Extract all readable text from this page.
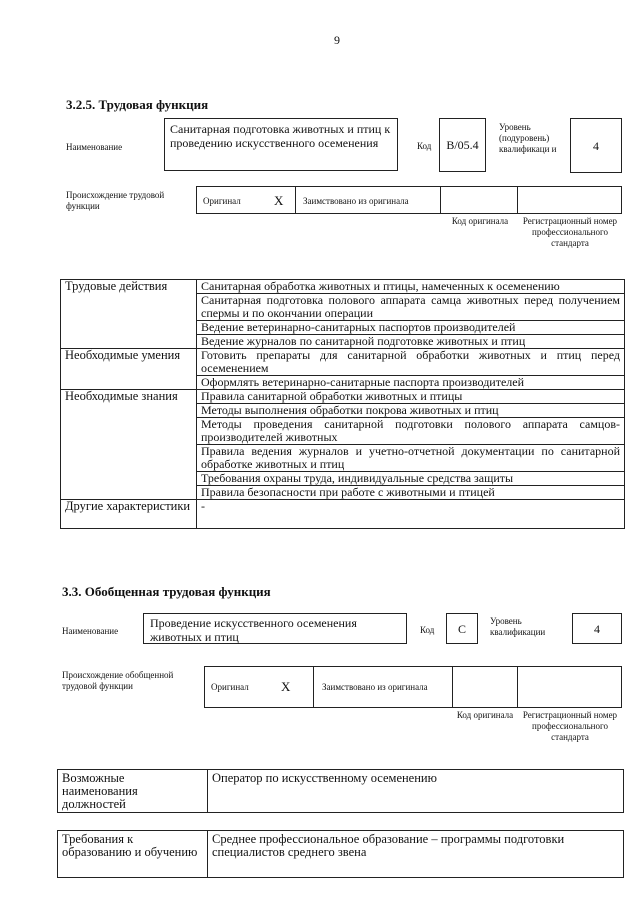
9
3.2.5. Трудовая функция
Наименование
Санитарная подготовка животных и птиц к проведению искусственного осеменения	Код	B/05.4
Уровень (подуровень) квалификаци и	4
Происхождение трудовой функции	Оригинал	X Заимствовано из оригинала
Код оригинала	Регистрационный номер профессионального стандарта
Трудовые действия	Санитарная обработка животных и птицы, намеченных к осеменению
	Санитарная подготовка полового аппарата самца животных перед получением спермы и по окончании операции
	Ведение ветеринарно-санитарных паспортов производителей
	Ведение журналов по санитарной подготовке животных и птиц
Необходимые умения	Готовить препараты для санитарной обработки животных и птиц перед осеменением
	Оформлять ветеринарно-санитарные паспорта производителей
Необходимые знания	Правила санитарной обработки животных и птицы
	Методы выполнения обработки покрова животных и птиц
	Методы проведения санитарной подготовки полового аппарата самцов-производителей животных
	Правила ведения журналов и учетно-отчетной документации по санитарной обработке животных и птиц
	Требования охраны труда, индивидуальные средства защиты
	Правила безопасности при работе с животными и птицей
Другие характеристики	-
3.3. Обобщенная трудовая функция
Наименование
Проведение искусственного осеменения животных и птиц	Код	C
Уровень квалификации	4
Происхождение обобщенной трудовой функции	Оригинал X	Заимствовано из оригинала
Код оригинала	Регистрационный номер профессионального стандарта
Возможные наименования должностей	Оператор по искусственному осеменению
Требования к образованию и обучению	Среднее профессиональное образование – программы подготовки специалистов среднего звена
